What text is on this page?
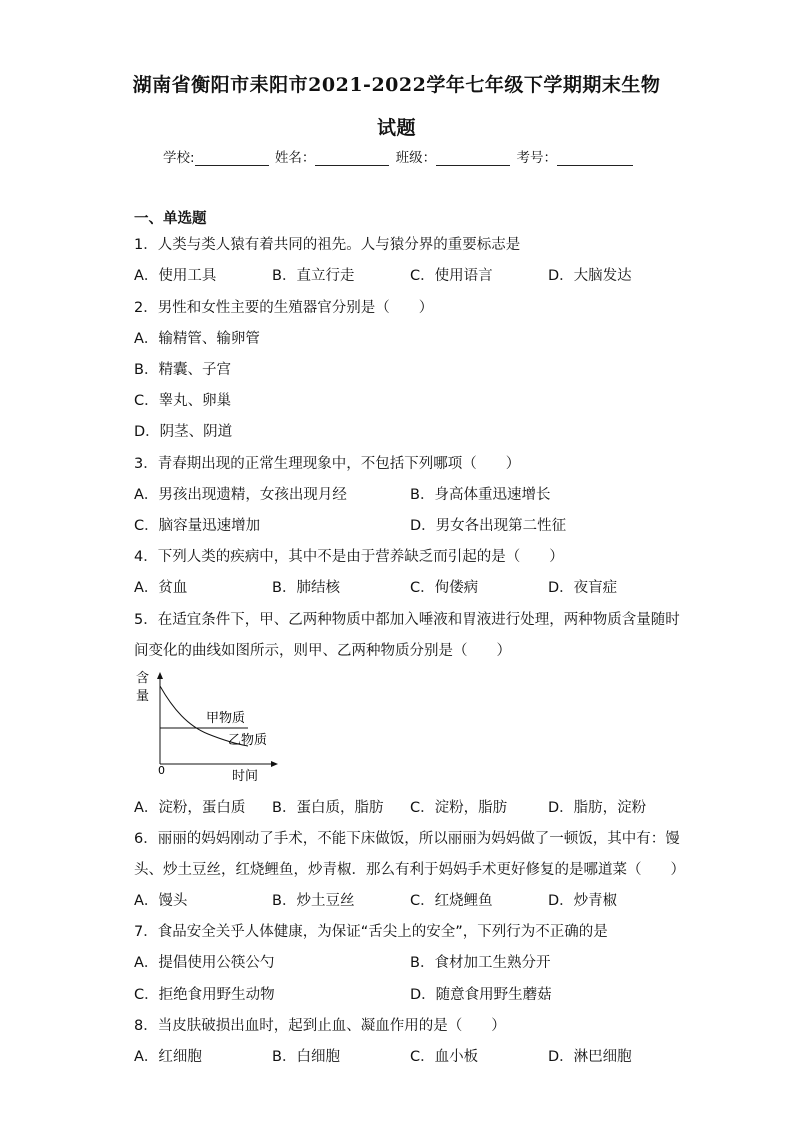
湖南省衡阳市耒阳市2021-2022学年七年级下学期期末生物
试题
学校:	姓名：	班级：	考号：
一、单选题
1．人类与类人猿有着共同的祖先。人与猿分界的重要标志是
A．使用工具	B．直立行走	C．使用语言	D．大脑发达
2．男性和女性主要的生殖器官分别是（　　）
A．输精管、输卵管
B．精囊、子宫
C．睾丸、卵巢
D．阴茎、阴道
3．青春期出现的正常生理现象中，不包括下列哪项（　　）
A．男孩出现遗精，女孩出现月经	B．身高体重迅速增长
C．脑容量迅速增加	D．男女各出现第二性征
4．下列人类的疾病中，其中不是由于营养缺乏而引起的是（　　）
A．贫血	B．肺结核	C．佝偻病	D．夜盲症
5．在适宜条件下，甲、乙两种物质中都加入唾液和胃液进行处理，两种物质含量随时
间变化的曲线如图所示，则甲、乙两种物质分别是（　　）
含
量
0	时间
甲物质
乙物质
A．淀粉，蛋白质 B．蛋白质，脂肪 C．淀粉，脂肪	D．脂肪，淀粉
6．丽丽的妈妈刚动了手术，不能下床做饭，所以丽丽为妈妈做了一顿饭，其中有：馒
头、炒土豆丝，红烧鲤鱼，炒青椒．那么有利于妈妈手术更好修复的是哪道菜（　　）
A．馒头	B．炒土豆丝	C．红烧鲤鱼	D．炒青椒
7．食品安全关乎人体健康，为保证“舌尖上的安全”，下列行为不正确的是
A．提倡使用公筷公勺	B．食材加工生熟分开
C．拒绝食用野生动物	D．随意食用野生蘑菇
8．当皮肤破损出血时，起到止血、凝血作用的是（　　）
A．红细胞	B．白细胞	C．血小板	D．淋巴细胞
